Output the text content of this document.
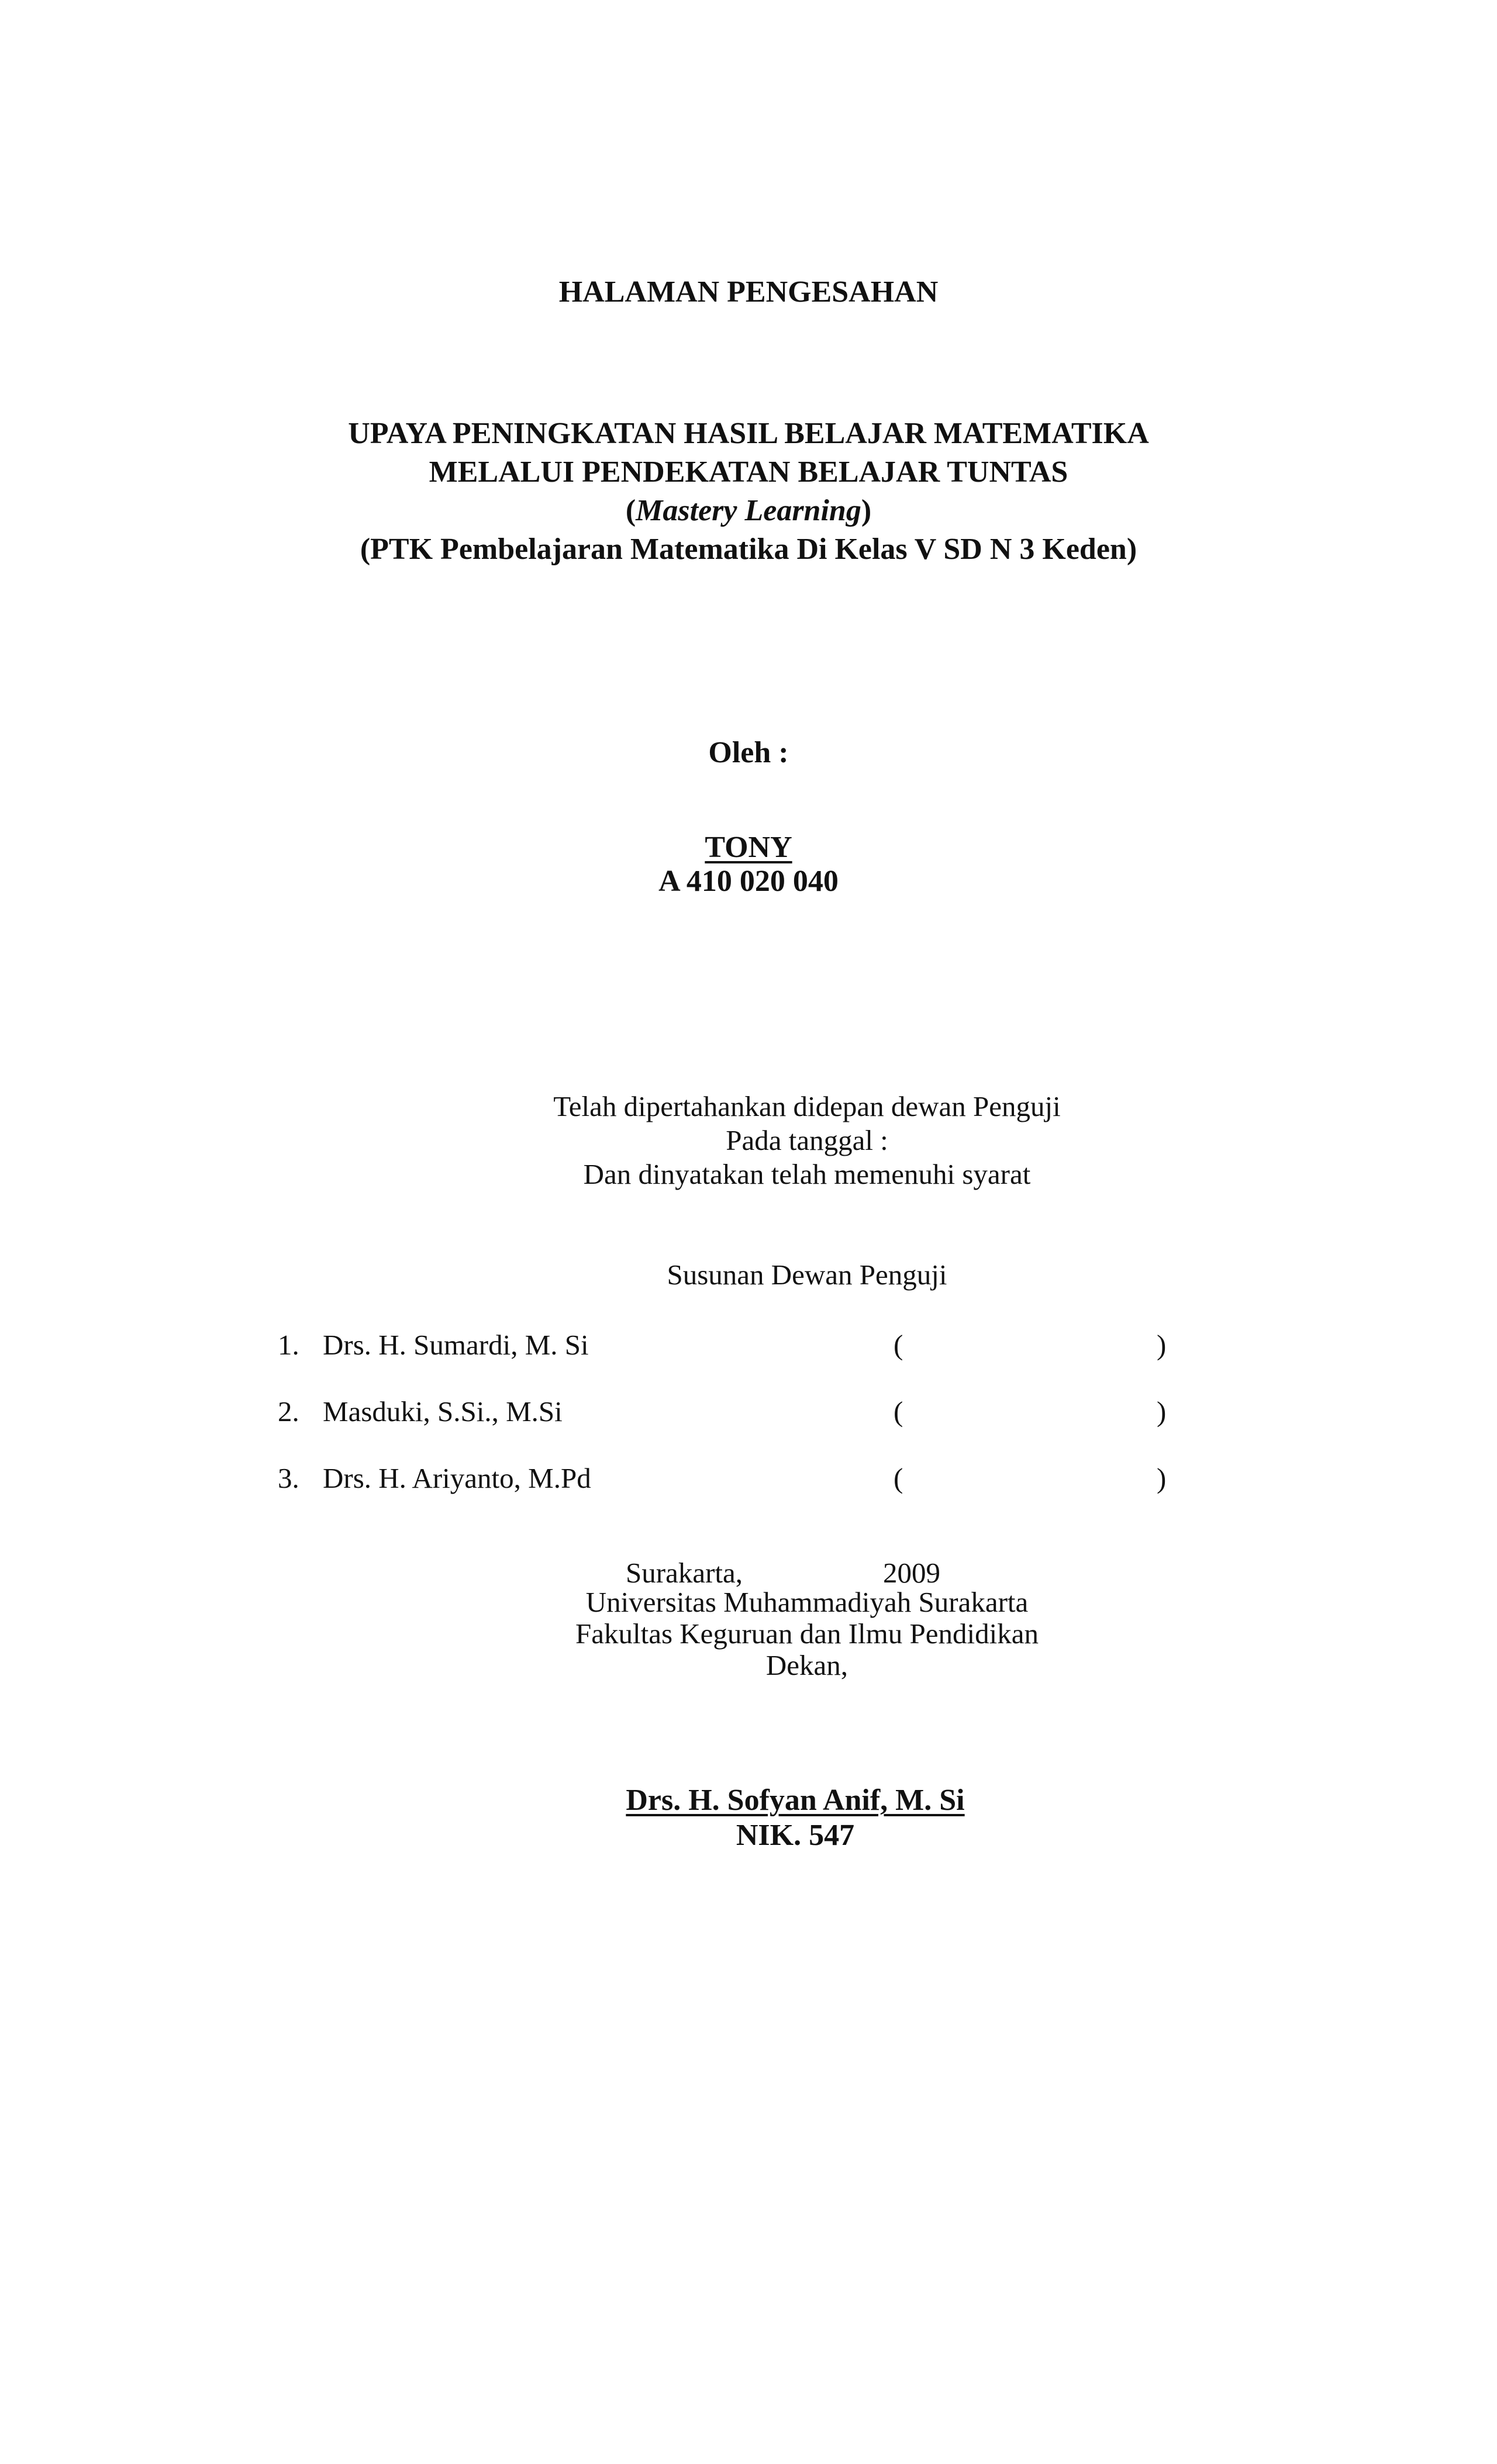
HALAMAN PENGESAHAN
UPAYA PENINGKATAN HASIL BELAJAR MATEMATIKA
MELALUI PENDEKATAN BELAJAR TUNTAS
(Mastery Learning)
(PTK Pembelajaran Matematika Di Kelas V SD N 3 Keden)
Oleh :
TONY
A 410 020 040
Telah dipertahankan didepan dewan Penguji
Pada tanggal :
Dan dinyatakan telah memenuhi syarat
Susunan Dewan Penguji
1. Drs. H. Sumardi, M. Si	(	)
2. Masduki, S.Si., M.Si	(	)
3. Drs. H. Ariyanto, M.Pd	(	)
Surakarta,	2009
Universitas Muhammadiyah Surakarta
Fakultas Keguruan dan Ilmu Pendidikan
Dekan,
Drs. H. Sofyan Anif, M. Si
NIK. 547
